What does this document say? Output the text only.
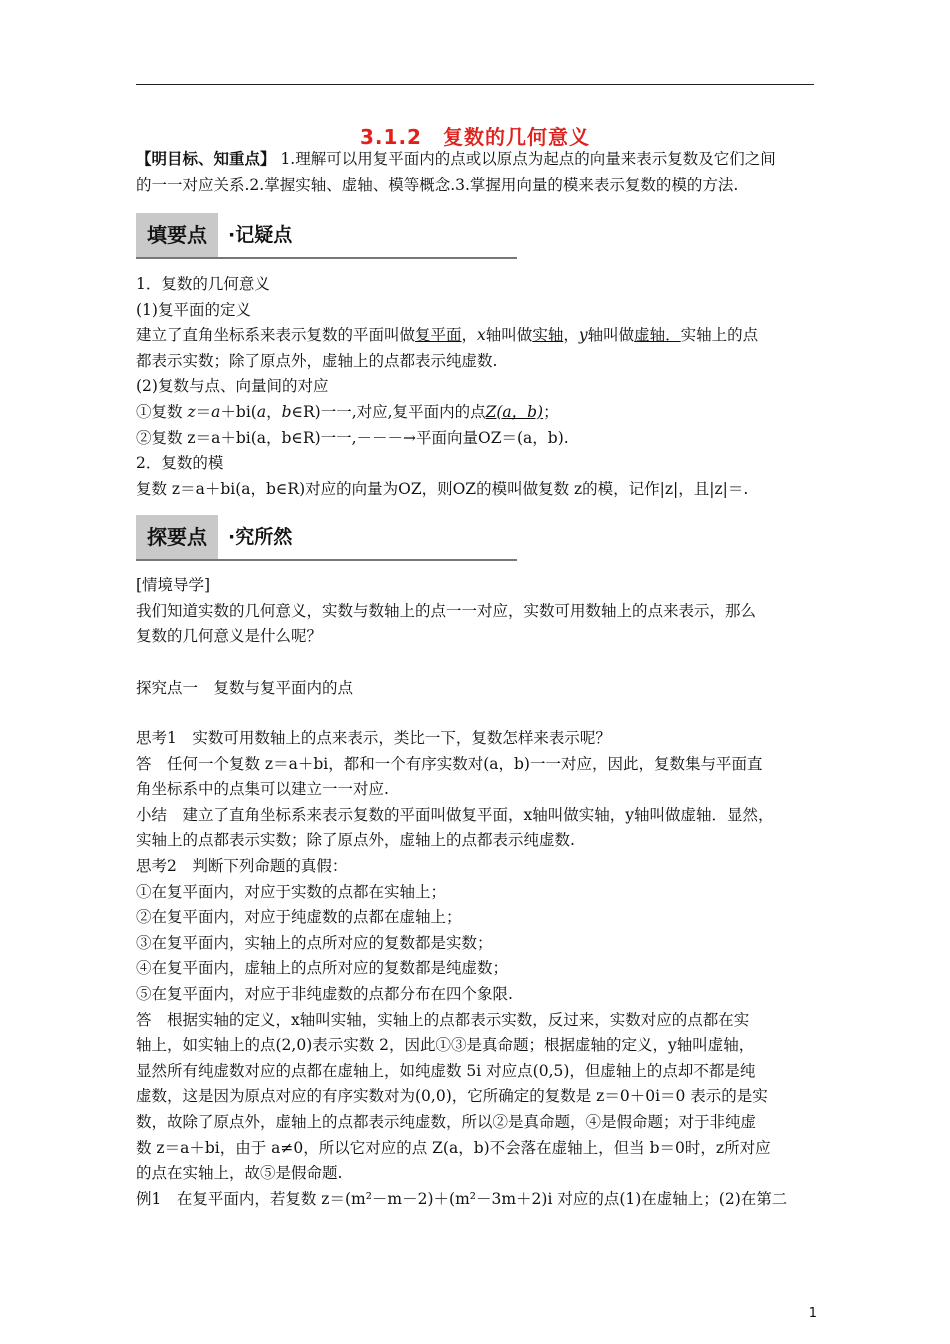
3.1.2　复数的几何意义

【明目标、知重点】 1.理解可以用复平面内的点或以原点为起点的向量来表示复数及它们之间

的一一对应关系.2.掌握实轴、虚轴、模等概念.3.掌握用向量的模来表示复数的模的方法.

填要点	·记疑点

1．复数的几何意义

(1)复平面的定义

建立了直角坐标系来表示复数的平面叫做复平面，x轴叫做实轴，y轴叫做虚轴．实轴上的点

都表示实数；除了原点外，虚轴上的点都表示纯虚数.

(2)复数与点、向量间的对应

①复数 z＝a＋bi(a，b∈R)一一,对应,复平面内的点Z(a，b)；

②复数 z＝a＋bi(a，b∈R)一一,－－－→平面向量OZ＝(a，b).

2．复数的模

复数 z＝a＋bi(a，b∈R)对应的向量为OZ，则OZ的模叫做复数 z的模，记作|z|，且|z|＝.

探要点	·究所然

[情境导学]

我们知道实数的几何意义，实数与数轴上的点一一对应，实数可用数轴上的点来表示，那么

复数的几何意义是什么呢？

探究点一　复数与复平面内的点

思考1　实数可用数轴上的点来表示，类比一下，复数怎样来表示呢？

答　任何一个复数 z＝a＋bi，都和一个有序实数对(a，b)一一对应，因此，复数集与平面直

角坐标系中的点集可以建立一一对应.

小结　建立了直角坐标系来表示复数的平面叫做复平面，x轴叫做实轴，y轴叫做虚轴．显然，

实轴上的点都表示实数；除了原点外，虚轴上的点都表示纯虚数.

思考2　判断下列命题的真假：

①在复平面内，对应于实数的点都在实轴上；

②在复平面内，对应于纯虚数的点都在虚轴上；

③在复平面内，实轴上的点所对应的复数都是实数；

④在复平面内，虚轴上的点所对应的复数都是纯虚数；

⑤在复平面内，对应于非纯虚数的点都分布在四个象限.

答　根据实轴的定义，x轴叫实轴，实轴上的点都表示实数，反过来，实数对应的点都在实

轴上，如实轴上的点(2,0)表示实数 2，因此①③是真命题；根据虚轴的定义，y轴叫虚轴，

显然所有纯虚数对应的点都在虚轴上，如纯虚数 5i 对应点(0,5)，但虚轴上的点却不都是纯

虚数，这是因为原点对应的有序实数对为(0,0)，它所确定的复数是 z＝0＋0i＝0 表示的是实

数，故除了原点外，虚轴上的点都表示纯虚数，所以②是真命题，④是假命题；对于非纯虚

数 z＝a＋bi，由于 a≠0，所以它对应的点 Z(a，b)不会落在虚轴上，但当 b＝0时，z所对应

的点在实轴上，故⑤是假命题.

例1　在复平面内，若复数 z＝(m²－m－2)＋(m²－3m＋2)i 对应的点(1)在虚轴上；(2)在第二

1
